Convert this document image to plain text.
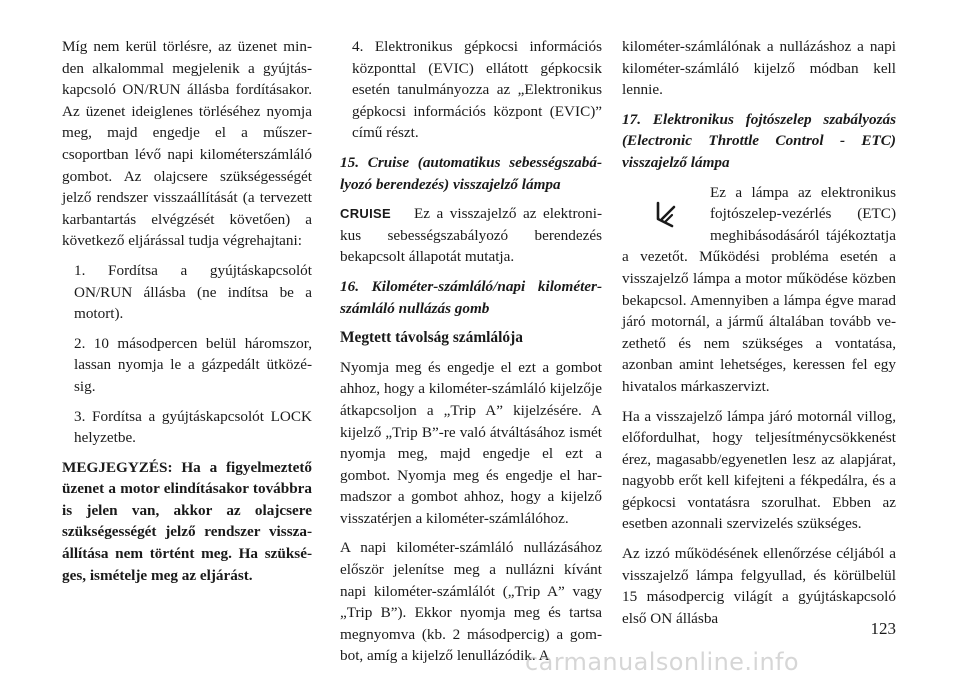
Míg nem kerül törlésre, az üzenet minden alkalommal megjelenik a gyújtáskapcsoló ON/RUN állásba fordításakor. Az üzenet ideiglenes törléséhez nyomja meg, majd engedje el a műszercsoportban lévő napi kilométerszámláló gombot. Az olajcsere szükségességét jelző rendszer visszaállítását (a tervezett karbantartás elvégzését követően) a következő eljárással tudja végrehajtani:

1. Fordítsa a gyújtáskapcsolót ON/RUN állásba (ne indítsa be a motort).

2. 10 másodpercen belül háromszor, lassan nyomja le a gázpedált ütközésig.

3. Fordítsa a gyújtáskapcsolót LOCK helyzetbe.

MEGJEGYZÉS: Ha a figyelmeztető üzenet a motor elindításakor továbbra is jelen van, akkor az olajcsere szükségességét jelző rendszer visszaállítása nem történt meg. Ha szükséges, ismételje meg az eljárást.

4. Elektronikus gépkocsi információs központtal (EVIC) ellátott gépkocsik esetén tanulmányozza az „Elektronikus gépkocsi információs központ (EVIC)” című részt.

15. Cruise (automatikus sebességszabályozó berendezés) visszajelző lámpa

CRUISE	Ez a visszajelző az elektronikus sebességszabályozó berendezés bekapcsolt állapotát mutatja.

16. Kilométer-számláló/napi kilométer-számláló nullázás gomb

Megtett távolság számlálója

Nyomja meg és engedje el ezt a gombot ahhoz, hogy a kilométer-számláló kijelzője átkapcsoljon a „Trip A” kijelzésére. A kijelző „Trip B”-re való átváltásához ismét nyomja meg, majd engedje el ezt a gombot. Nyomja meg és engedje el harmadszor a gombot ahhoz, hogy a kijelző visszatérjen a kilométer-számlálóhoz.

A napi kilométer-számláló nullázásához először jelenítse meg a nullázni kívánt napi kilométer-számlálót („Trip A” vagy „Trip B”). Ekkor nyomja meg és tartsa megnyomva (kb. 2 másodpercig) a gombot, amíg a kijelző lenullázódik. A

kilométer-számlálónak a nullázáshoz a napi kilométer-számláló kijelző módban kell lennie.

17. Elektronikus fojtószelep szabályozás (Electronic Throttle Control - ETC) visszajelző lámpa

Ez a lámpa az elektronikus fojtószelep-vezérlés (ETC) meghibásodásáról tájékoztatja a vezetőt. Működési probléma esetén a visszajelző lámpa a motor működése közben bekapcsol. Amennyiben a lámpa égve marad járó motornál, a jármű általában tovább vezethető és nem szükséges a vontatása, azonban amint lehetséges, keressen fel egy hivatalos márkaszervizt.

Ha a visszajelző lámpa járó motornál villog, előfordulhat, hogy teljesítménycsökkenést érez, magasabb/egyenetlen lesz az alapjárat, nagyobb erőt kell kifejteni a fékpedálra, és a gépkocsi vontatásra szorulhat. Ebben az esetben azonnali szervizelés szükséges.

Az izzó működésének ellenőrzése céljából a visszajelző lámpa felgyullad, és körülbelül 15 másodpercig világít a gyújtáskapcsoló első ON állásba

123
carmanualsonline.info
